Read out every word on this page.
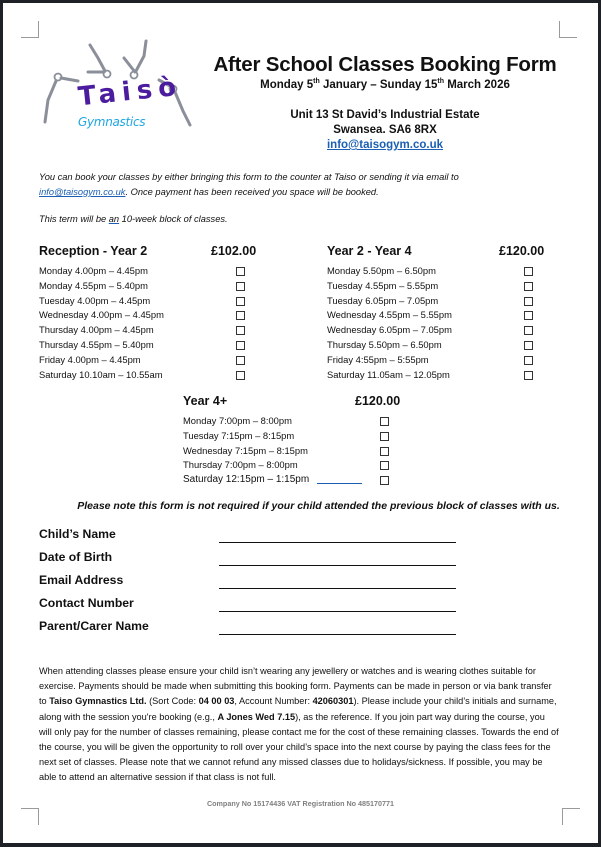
Taisò
Gymnastics
After School Classes Booking Form
Monday 5th January – Sunday 15th March 2026
Unit 13 St David’s Industrial Estate
Swansea. SA6 8RX
info@taisogym.co.uk
You can book your classes by either bringing this form to the counter at Taiso or sending it via email to info@taisogym.co.uk. Once payment has been received you space will be booked.
This term will be an 10-week block of classes.
Reception - Year 2	£102.00
Monday 4.00pm – 4.45pm
Monday 4.55pm – 5.40pm
Tuesday 4.00pm – 4.45pm
Wednesday 4.00pm – 4.45pm
Thursday 4.00pm – 4.45pm
Thursday 4.55pm – 5.40pm
Friday 4.00pm – 4.45pm
Saturday 10.10am – 10.55am
Year 2 - Year 4	£120.00
Monday 5.50pm – 6.50pm
Tuesday 4.55pm – 5.55pm
Tuesday 6.05pm – 7.05pm
Wednesday 4.55pm – 5.55pm
Wednesday 6.05pm – 7.05pm
Thursday 5.50pm – 6.50pm
Friday 4:55pm – 5:55pm
Saturday 11.05am – 12.05pm
Year 4+	£120.00
Monday 7:00pm – 8:00pm
Tuesday 7:15pm – 8:15pm
Wednesday 7:15pm – 8:15pm
Thursday 7:00pm – 8:00pm
Saturday 12:15pm – 1:15pm
Please note this form is not required if your child attended the previous block of classes with us.
Child’s Name
Date of Birth
Email Address
Contact Number
Parent/Carer Name
When attending classes please ensure your child isn’t wearing any jewellery or watches and is wearing clothes suitable for exercise. Payments should be made when submitting this booking form. Payments can be made in person or via bank transfer to Taiso Gymnastics Ltd. (Sort Code: 04 00 03, Account Number: 42060301). Please include your child’s initials and surname, along with the session you're booking (e.g., A Jones Wed 7.15), as the reference. If you join part way during the course, you will only pay for the number of classes remaining, please contact me for the cost of these remaining classes. Towards the end of the course, you will be given the opportunity to roll over your child’s space into the next course by paying the class fees for the next set of classes. Please note that we cannot refund any missed classes due to holidays/sickness. If possible, you may be able to attend an alternative session if that class is not full.
Company No 15174436 VAT Registration No 485170771
